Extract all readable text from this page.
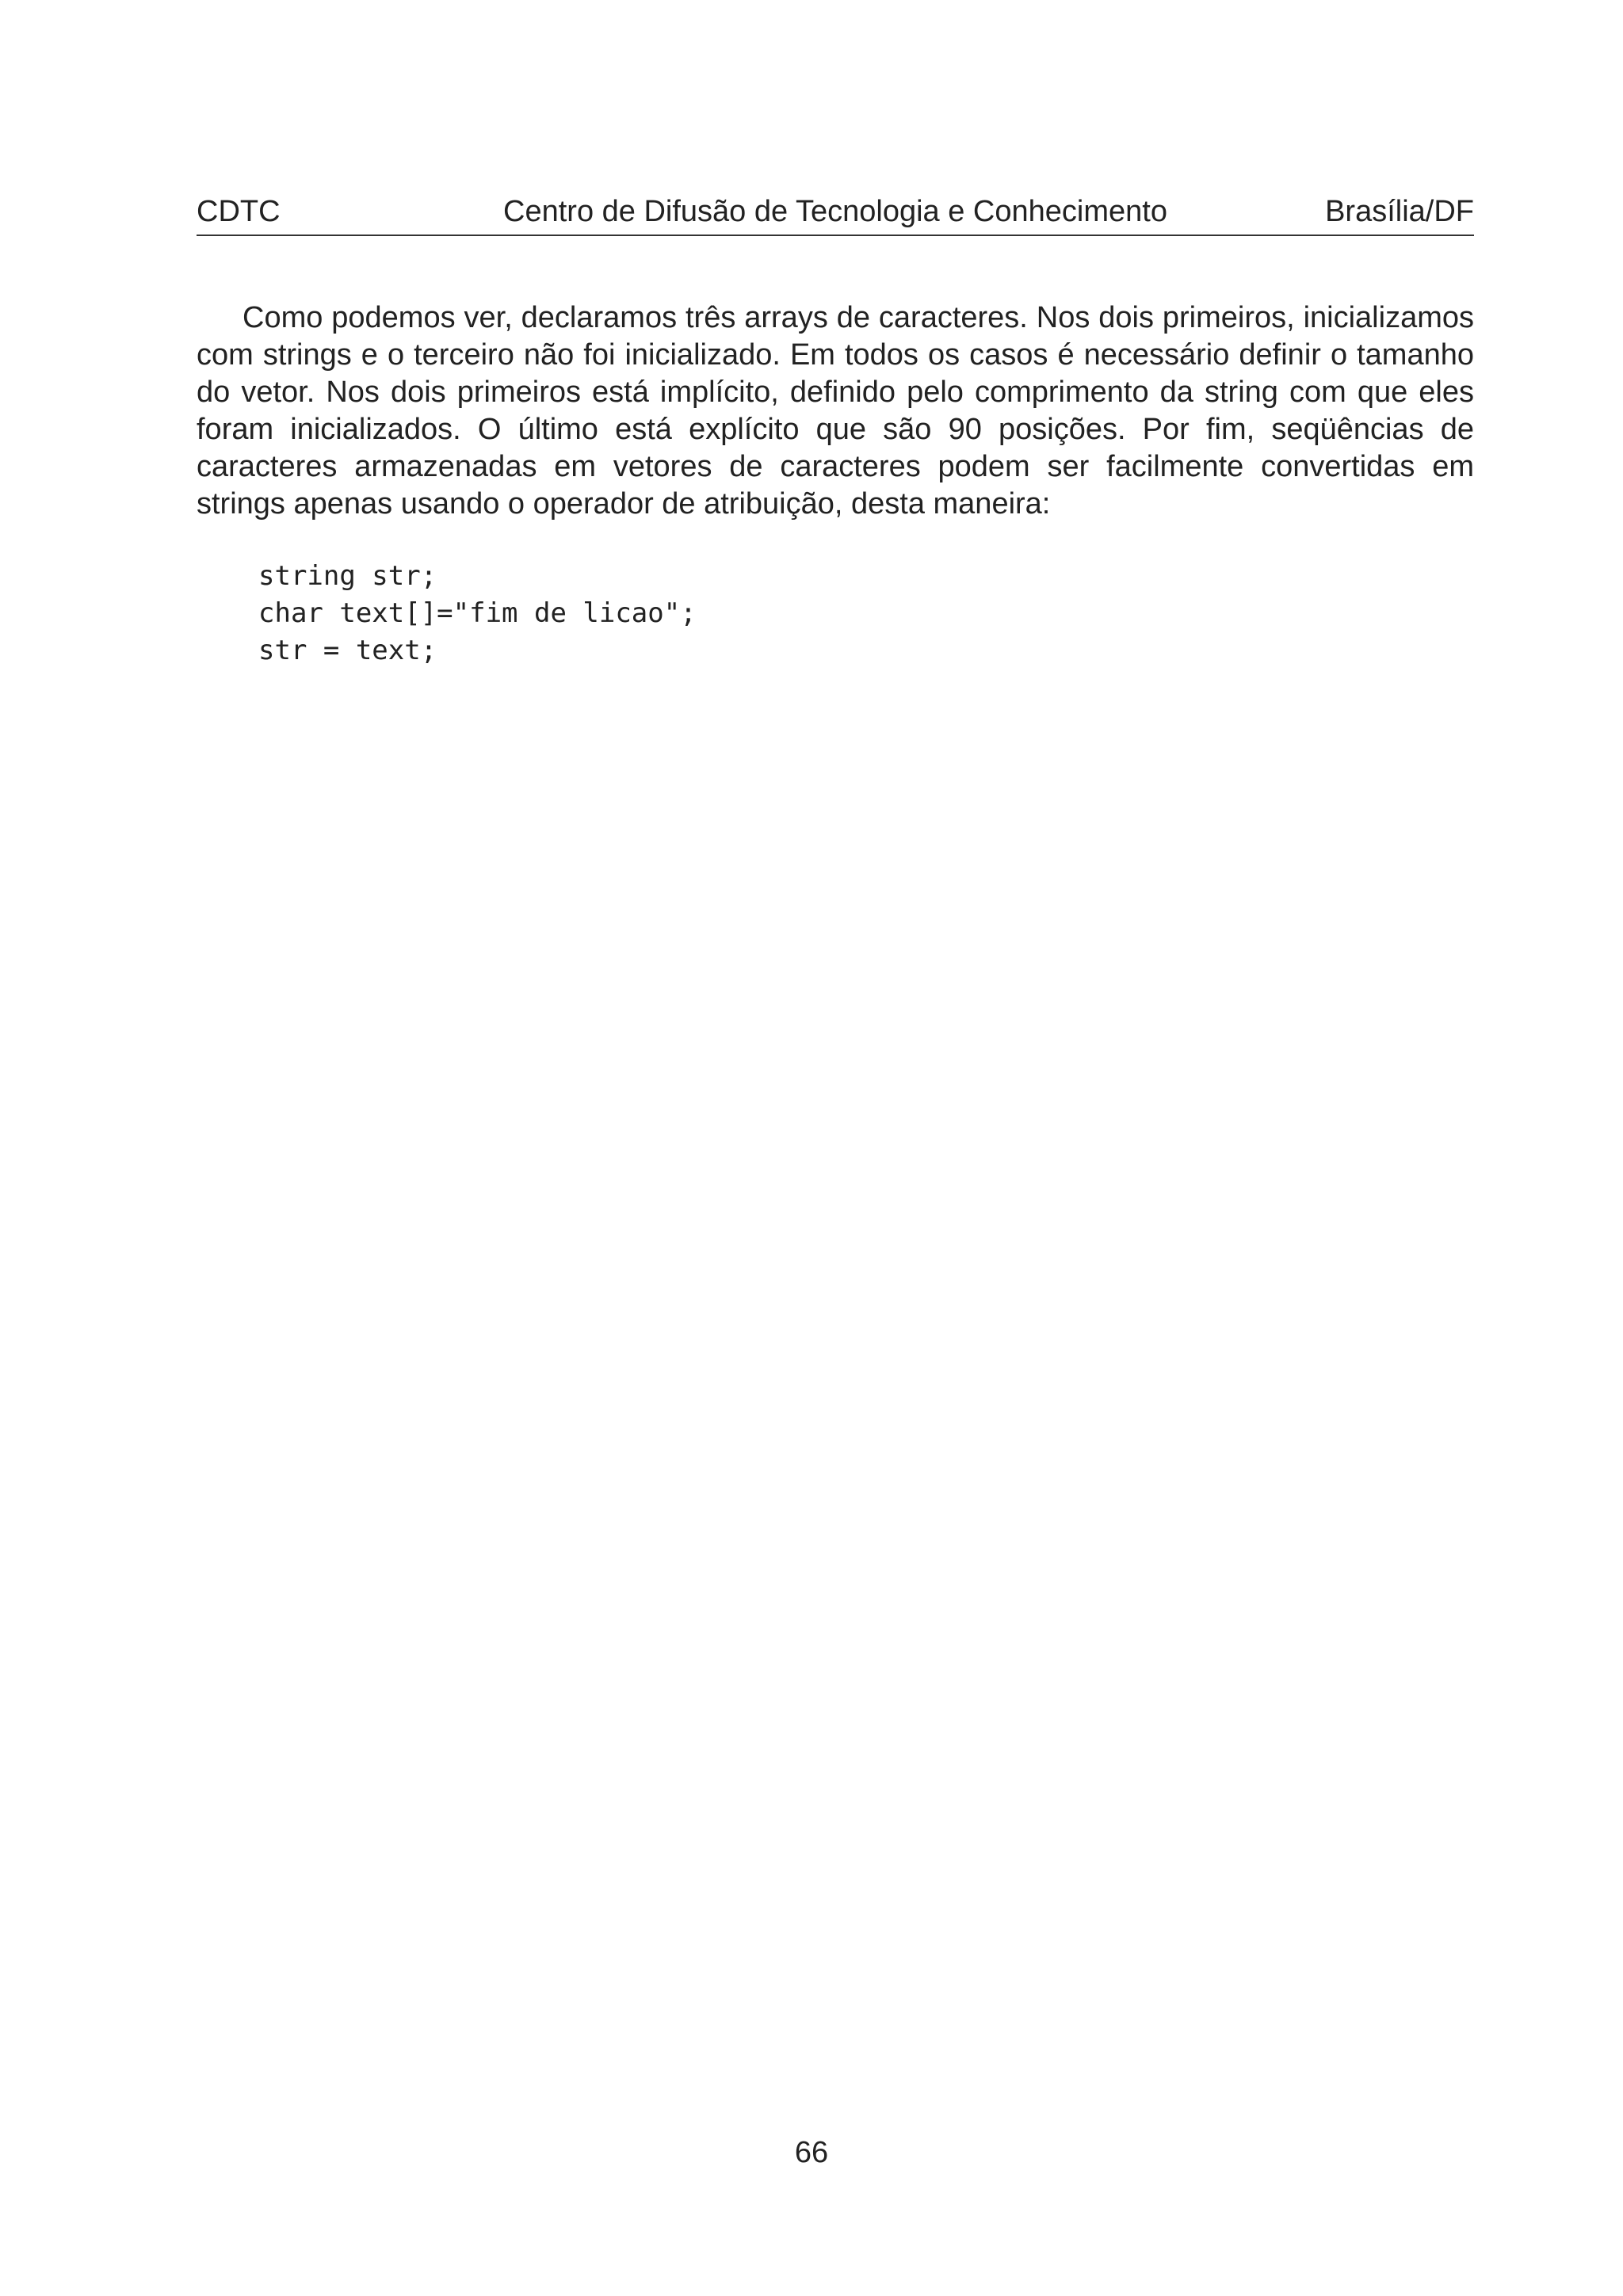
CDTC	Centro de Difusão de Tecnologia e Conhecimento	Brasília/DF

Como podemos ver, declaramos três arrays de caracteres. Nos dois primeiros, inicializamos com strings e o terceiro não foi inicializado. Em todos os casos é necessário definir o tamanho do vetor. Nos dois primeiros está implícito, definido pelo comprimento da string com que eles foram inicializados. O último está explícito que são 90 posições. Por fim, seqüências de caracteres armazenadas em vetores de caracteres podem ser facilmente convertidas em strings apenas usando o operador de atribuição, desta maneira:

string str;
char text[]="fim de licao";
str = text;
66
